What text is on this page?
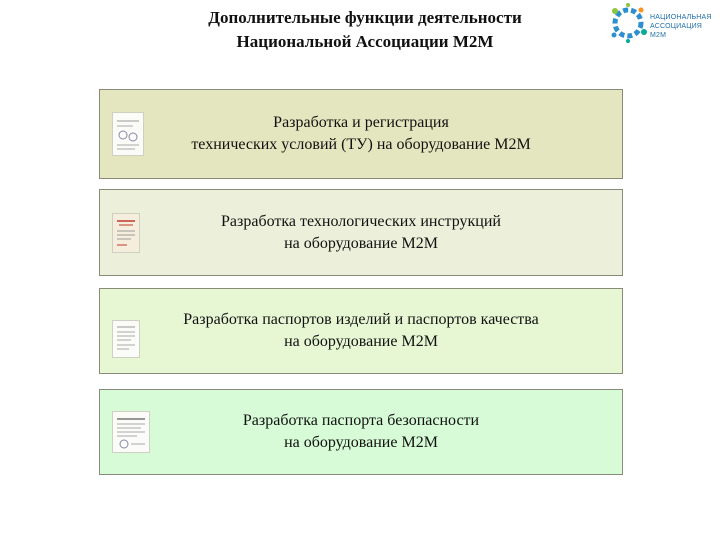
Дополнительные функции деятельности
Национальной Ассоциации М2М
НАЦИОНАЛЬНАЯ
АССОЦИАЦИЯ М2М
Разработка и регистрация
технических условий (ТУ) на оборудование М2М
Разработка технологических инструкций
на оборудование М2М
Разработка паспортов изделий и паспортов качества
на оборудование М2М
Разработка паспорта безопасности
на оборудование М2М
